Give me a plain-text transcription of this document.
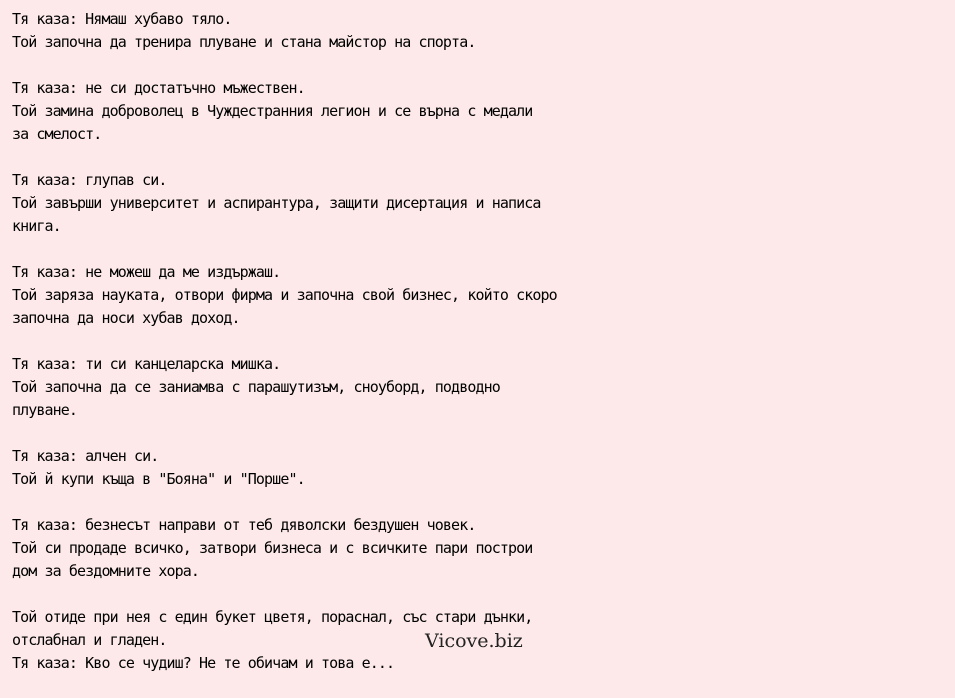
Тя каза: Нямаш хубаво тяло.
Той започна да тренира плуване и стана майстор на спорта.
Тя каза: не си достатъчно мъжествен.
Той замина доброволец в Чуждестранния легион и се върна с медали
за смелост.
Тя каза: глупав си.
Той завърши университет и аспирантура, защити дисертация и написа
книга.
Тя каза: не можеш да ме издържаш.
Той заряза науката, отвори фирма и започна свой бизнес, който скоро
започна да носи хубав доход.
Тя каза: ти си канцеларска мишка.
Той започна да се заниамва с парашутизъм, сноуборд, подводно
плуване.
Тя каза: алчен си.
Той й купи къща в "Бояна" и "Порше".
Тя каза: безнесът направи от теб дяволски бездушен човек.
Той си продаде всичко, затвори бизнеса и с всичките пари построи
дом за бездомните хора.
Той отиде при нея с един букет цветя, пораснал, със стари дънки,
отслабнал и гладен.
Тя каза: Кво се чудиш? Не те обичам и това е...
Vicove.biz
